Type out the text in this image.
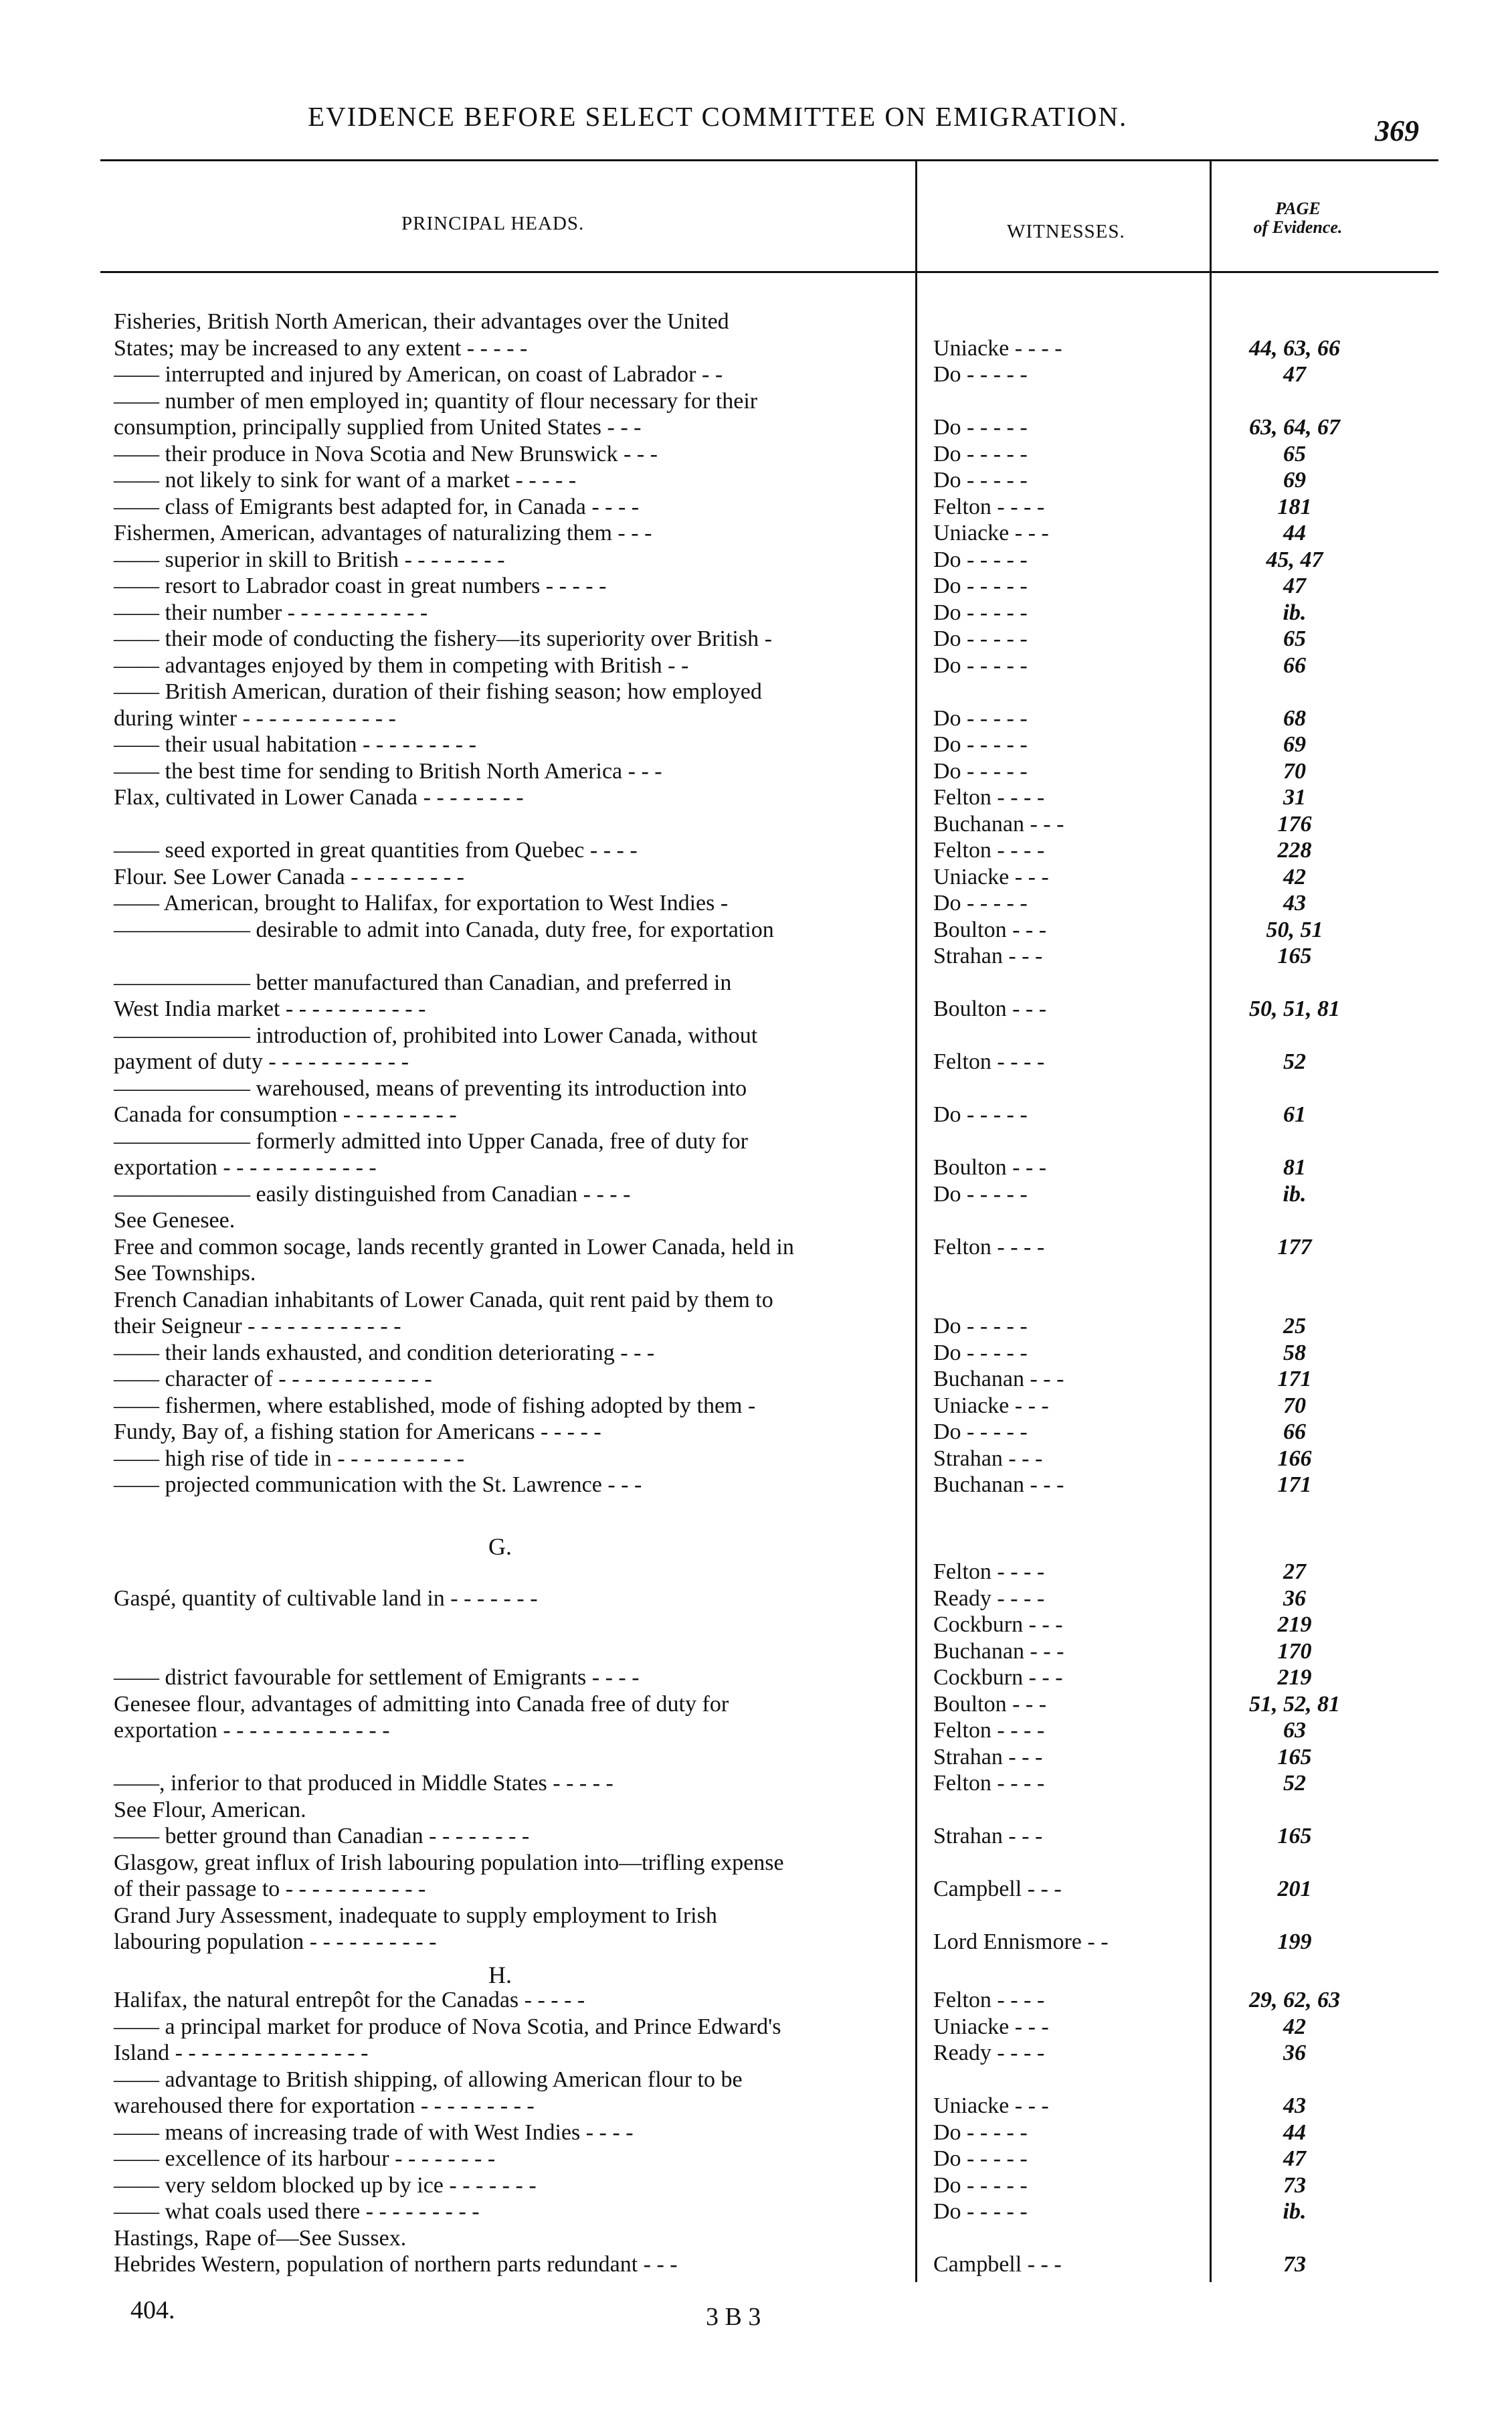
EVIDENCE BEFORE SELECT COMMITTEE ON EMIGRATION.	369
PRINCIPAL HEADS.	WITNESSES.
PAGE
of Evidence.
Fisheries, British North American, their advantages over the United
States; may be increased to any extent - - - - -	Uniacke - - - -	44, 63, 66
—— interrupted and injured by American, on coast of Labrador - -	Do - - - - -	47
—— number of men employed in; quantity of flour necessary for their
consumption, principally supplied from United States - - -	Do - - - - -	63, 64, 67
—— their produce in Nova Scotia and New Brunswick - - -	Do - - - - -	65
—— not likely to sink for want of a market - - - - -	Do - - - - -	69
—— class of Emigrants best adapted for, in Canada - - - -	Felton - - - -	181
Fishermen, American, advantages of naturalizing them - - -	Uniacke - - -	44
—— superior in skill to British - - - - - - - -	Do - - - - -	45, 47
—— resort to Labrador coast in great numbers - - - - -	Do - - - - -	47
—— their number - - - - - - - - - - -	Do - - - - -	ib.
—— their mode of conducting the fishery—its superiority over British -	Do - - - - -	65
—— advantages enjoyed by them in competing with British - -	Do - - - - -	66
—— British American, duration of their fishing season; how employed
during winter - - - - - - - - - - - -	Do - - - - -	68
—— their usual habitation - - - - - - - - -	Do - - - - -	69
—— the best time for sending to British North America - - -	Do - - - - -	70
Flax, cultivated in Lower Canada - - - - - - - -	Felton - - - -	31
Buchanan - - -	176
—— seed exported in great quantities from Quebec - - - -	Felton - - - -	228
Flour. See Lower Canada - - - - - - - - -	Uniacke - - -	42
—— American, brought to Halifax, for exportation to West Indies -	Do - - - - -	43
—————— desirable to admit into Canada, duty free, for exportation	Boulton - - -	50, 51
Strahan - - -	165
—————— better manufactured than Canadian, and preferred in
West India market - - - - - - - - - - -	Boulton - - -	50, 51, 81
—————— introduction of, prohibited into Lower Canada, without
payment of duty - - - - - - - - - - -	Felton - - - -	52
—————— warehoused, means of preventing its introduction into
Canada for consumption - - - - - - - - -	Do - - - - -	61
—————— formerly admitted into Upper Canada, free of duty for
exportation - - - - - - - - - - - -	Boulton - - -	81
—————— easily distinguished from Canadian - - - -	Do - - - - -	ib.
See Genesee.
Free and common socage, lands recently granted in Lower Canada, held in	Felton - - - -	177
See Townships.
French Canadian inhabitants of Lower Canada, quit rent paid by them to
their Seigneur - - - - - - - - - - - -	Do - - - - -	25
—— their lands exhausted, and condition deteriorating - - -	Do - - - - -	58
—— character of - - - - - - - - - - - -	Buchanan - - -	171
—— fishermen, where established, mode of fishing adopted by them -	Uniacke - - -	70
Fundy, Bay of, a fishing station for Americans - - - - -	Do - - - - -	66
—— high rise of tide in - - - - - - - - - -	Strahan - - -	166
—— projected communication with the St. Lawrence - - -	Buchanan - - -	171
G.
Felton - - - -	27
Gaspé, quantity of cultivable land in - - - - - - -	Ready - - - -	36
Cockburn - - -	219
Buchanan - - -	170
—— district favourable for settlement of Emigrants - - - -	Cockburn - - -	219
Genesee flour, advantages of admitting into Canada free of duty for	Boulton - - -	51, 52, 81
exportation - - - - - - - - - - - - -	Felton - - - -	63
Strahan - - -	165
——, inferior to that produced in Middle States - - - - -	Felton - - - -	52
See Flour, American.
—— better ground than Canadian - - - - - - - -	Strahan - - -	165
Glasgow, great influx of Irish labouring population into—trifling expense
of their passage to - - - - - - - - - - -	Campbell - - -	201
Grand Jury Assessment, inadequate to supply employment to Irish
labouring population - - - - - - - - - -	Lord Ennismore - -	199
H.
Halifax, the natural entrepôt for the Canadas - - - - -	Felton - - - -	29, 62, 63
—— a principal market for produce of Nova Scotia, and Prince Edward's	Uniacke - - -	42
Island - - - - - - - - - - - - - - -	Ready - - - -	36
—— advantage to British shipping, of allowing American flour to be
warehoused there for exportation - - - - - - - - -	Uniacke - - -	43
—— means of increasing trade of with West Indies - - - -	Do - - - - -	44
—— excellence of its harbour - - - - - - - -	Do - - - - -	47
—— very seldom blocked up by ice - - - - - - -	Do - - - - -	73
—— what coals used there - - - - - - - - -	Do - - - - -	ib.
Hastings, Rape of—See Sussex.
Hebrides Western, population of northern parts redundant - - -	Campbell - - -	73
404.	3 B 3
